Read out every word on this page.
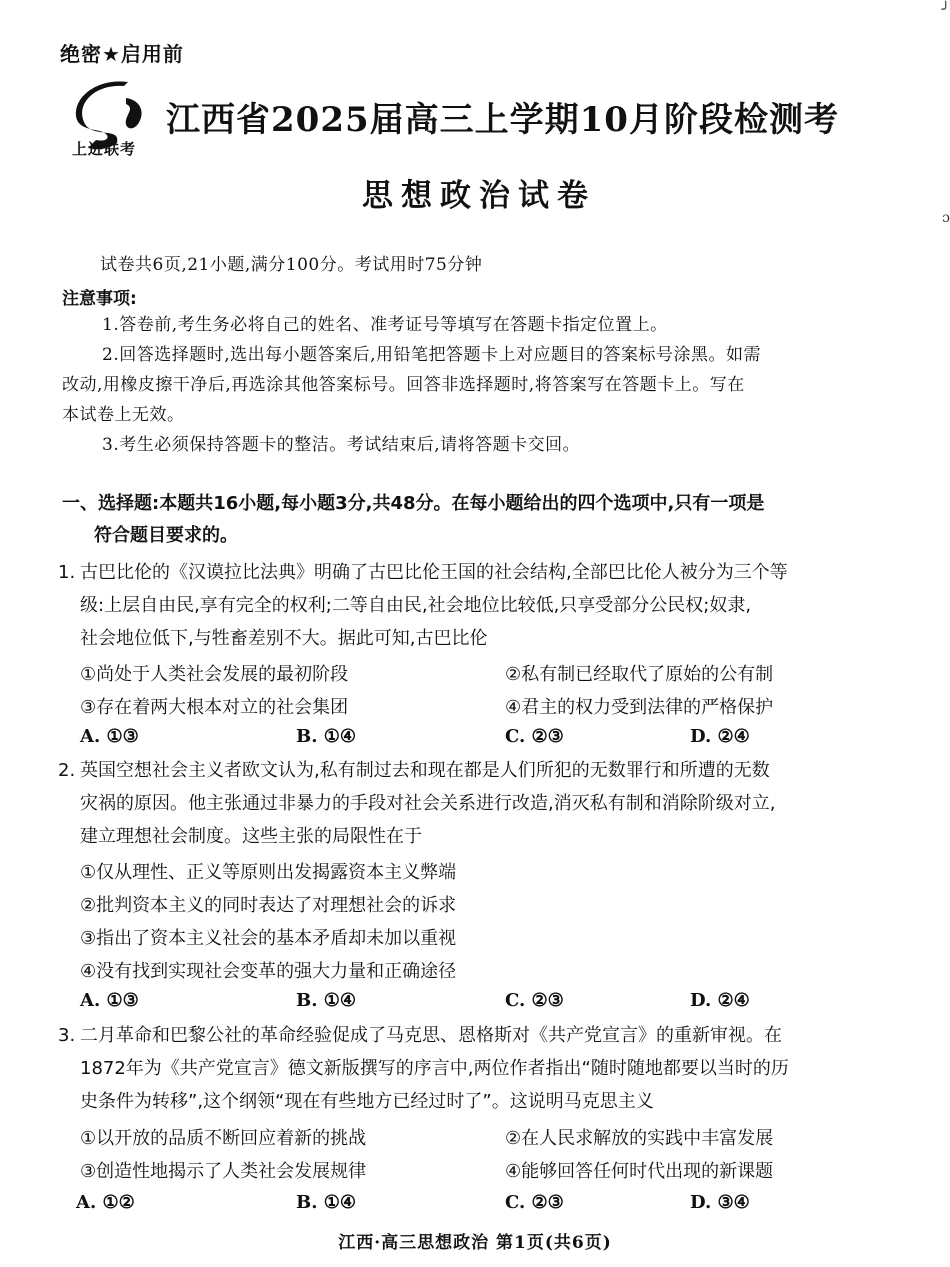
╯
ɔ
绝密★启用前
上进联考
江西省2025届高三上学期10月阶段检测考
思想政治试卷
试卷共6页,21小题,满分100分。考试用时75分钟
注意事项:
1.答卷前,考生务必将自己的姓名、准考证号等填写在答题卡指定位置上。
2.回答选择题时,选出每小题答案后,用铅笔把答题卡上对应题目的答案标号涂黑。如需
改动,用橡皮擦干净后,再选涂其他答案标号。回答非选择题时,将答案写在答题卡上。写在
本试卷上无效。
3.考生必须保持答题卡的整洁。考试结束后,请将答题卡交回。
一、选择题:本题共16小题,每小题3分,共48分。在每小题给出的四个选项中,只有一项是
符合题目要求的。
1. 古巴比伦的《汉谟拉比法典》明确了古巴比伦王国的社会结构,全部巴比伦人被分为三个等
级:上层自由民,享有完全的权利;二等自由民,社会地位比较低,只享受部分公民权;奴隶,
社会地位低下,与牲畜差别不大。据此可知,古巴比伦
①尚处于人类社会发展的最初阶段	②私有制已经取代了原始的公有制
③存在着两大根本对立的社会集团	④君主的权力受到法律的严格保护
A. ①③	B. ①④	C. ②③	D. ②④
2. 英国空想社会主义者欧文认为,私有制过去和现在都是人们所犯的无数罪行和所遭的无数
灾祸的原因。他主张通过非暴力的手段对社会关系进行改造,消灭私有制和消除阶级对立,
建立理想社会制度。这些主张的局限性在于
①仅从理性、正义等原则出发揭露资本主义弊端
②批判资本主义的同时表达了对理想社会的诉求
③指出了资本主义社会的基本矛盾却未加以重视
④没有找到实现社会变革的强大力量和正确途径
A. ①③	B. ①④	C. ②③	D. ②④
3. 二月革命和巴黎公社的革命经验促成了马克思、恩格斯对《共产党宣言》的重新审视。在
1872年为《共产党宣言》德文新版撰写的序言中,两位作者指出“随时随地都要以当时的历
史条件为转移”,这个纲领“现在有些地方已经过时了”。这说明马克思主义
①以开放的品质不断回应着新的挑战	②在人民求解放的实践中丰富发展
③创造性地揭示了人类社会发展规律	④能够回答任何时代出现的新课题
A. ①②	B. ①④	C. ②③	D. ③④
江西·高三思想政治 第1页(共6页)
